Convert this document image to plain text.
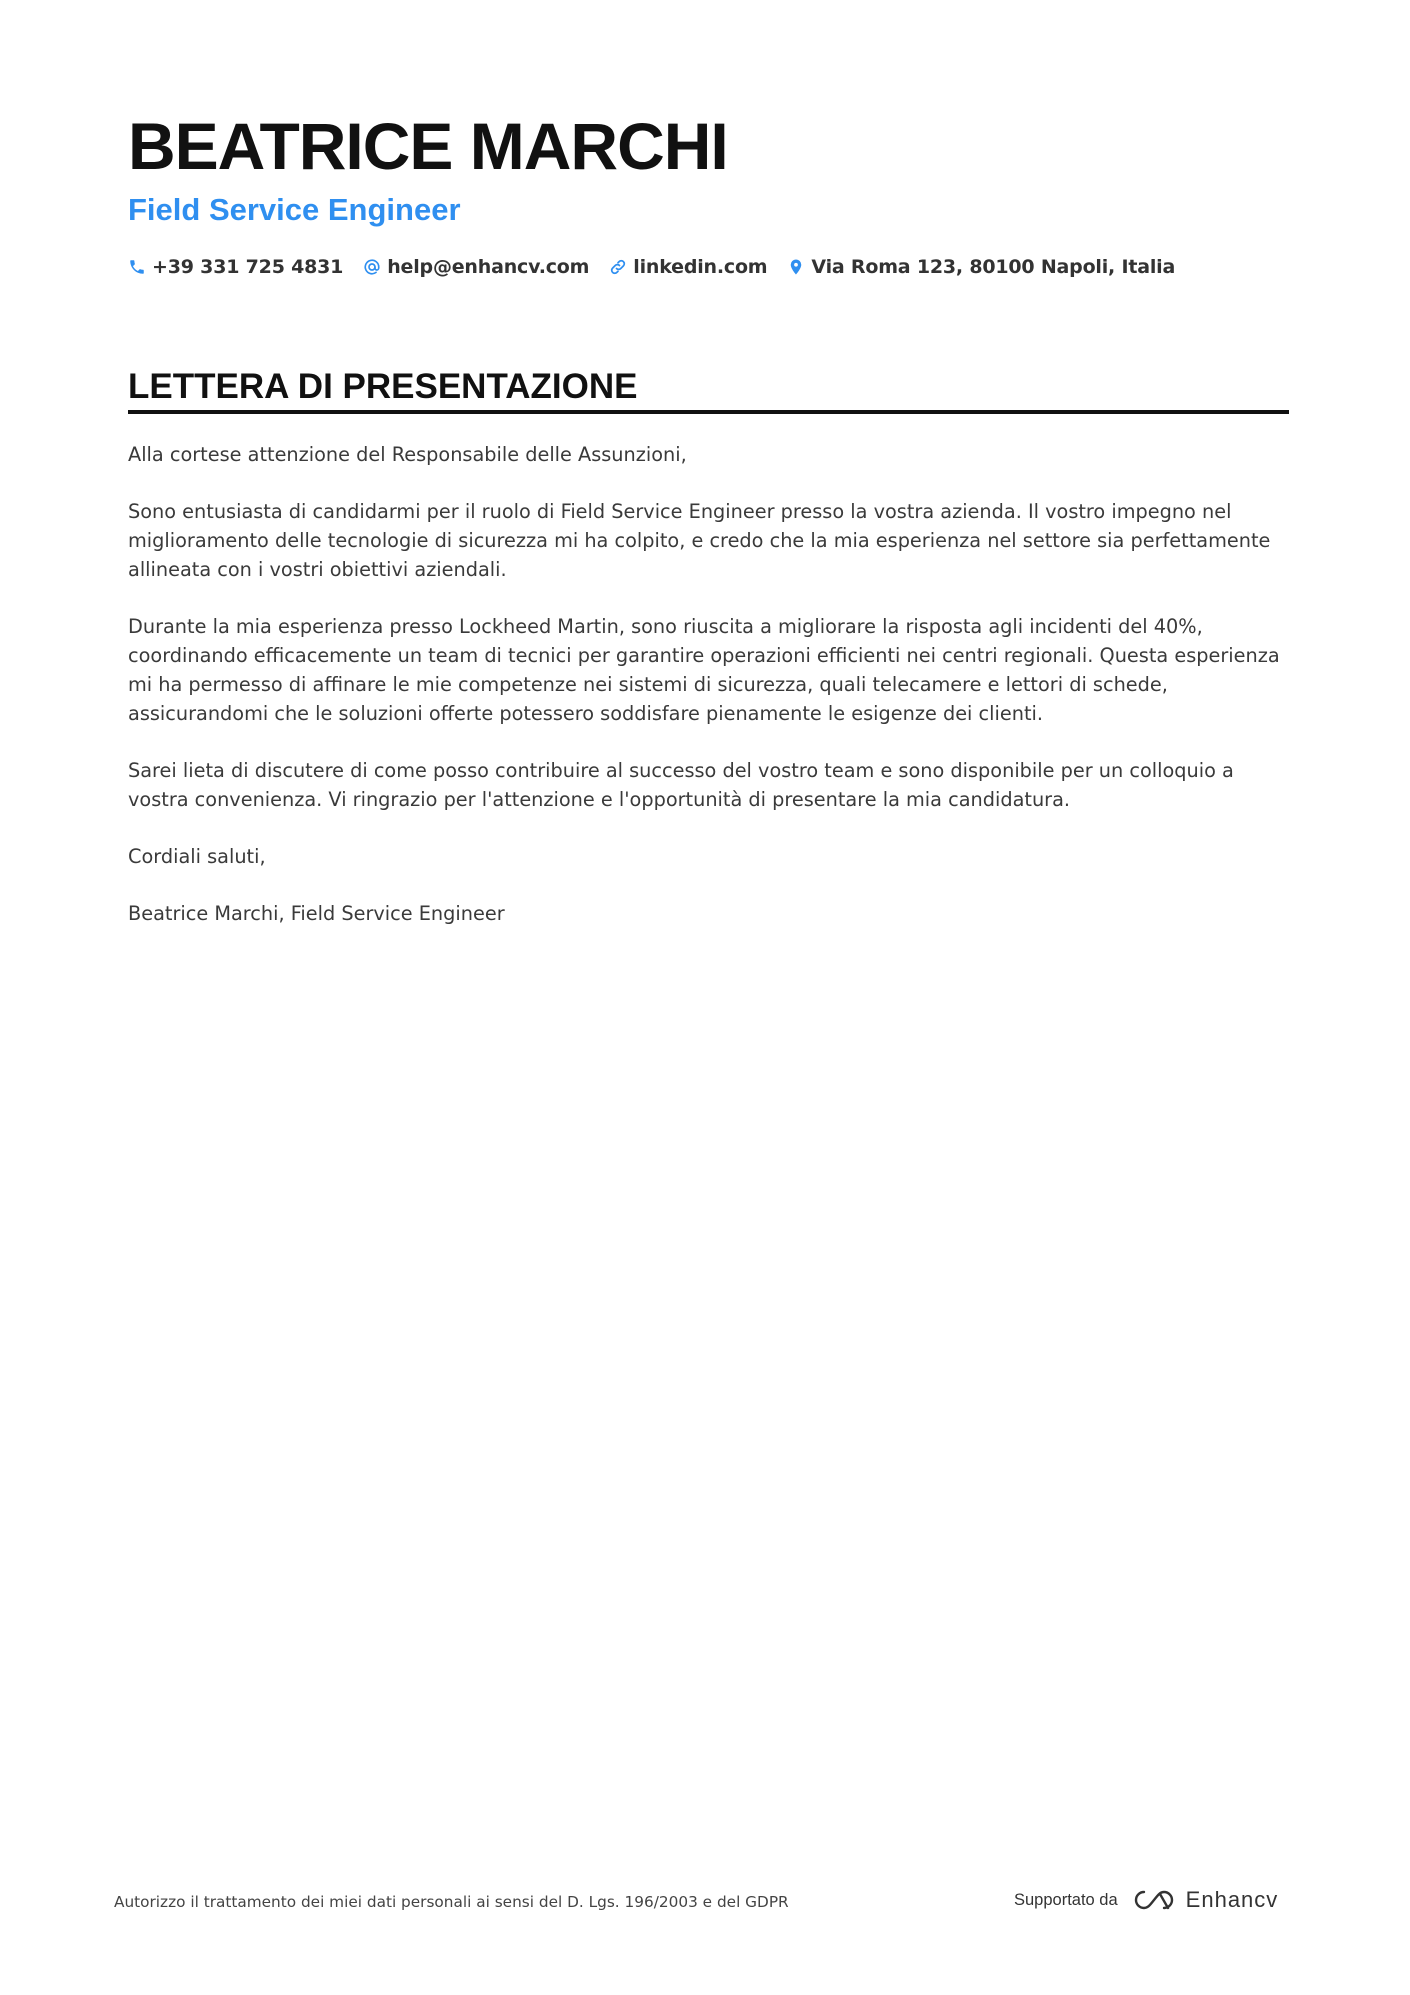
BEATRICE MARCHI
Field Service Engineer
+39 331 725 4831 help@enhancv.com linkedin.com Via Roma 123, 80100 Napoli, Italia
LETTERA DI PRESENTAZIONE

Alla cortese attenzione del Responsabile delle Assunzioni,

Sono entusiasta di candidarmi per il ruolo di Field Service Engineer presso la vostra azienda. Il vostro impegno nel miglioramento delle tecnologie di sicurezza mi ha colpito, e credo che la mia esperienza nel settore sia perfettamente allineata con i vostri obiettivi aziendali.

Durante la mia esperienza presso Lockheed Martin, sono riuscita a migliorare la risposta agli incidenti del 40%, coordinando efficacemente un team di tecnici per garantire operazioni efficienti nei centri regionali. Questa esperienza mi ha permesso di affinare le mie competenze nei sistemi di sicurezza, quali telecamere e lettori di schede, assicurandomi che le soluzioni offerte potessero soddisfare pienamente le esigenze dei clienti.

Sarei lieta di discutere di come posso contribuire al successo del vostro team e sono disponibile per un colloquio a vostra convenienza. Vi ringrazio per l'attenzione e l'opportunità di presentare la mia candidatura.

Cordiali saluti,

Beatrice Marchi, Field Service Engineer

Autorizzo il trattamento dei miei dati personali ai sensi del D. Lgs. 196/2003 e del GDPR	Supportato da	Enhancv
